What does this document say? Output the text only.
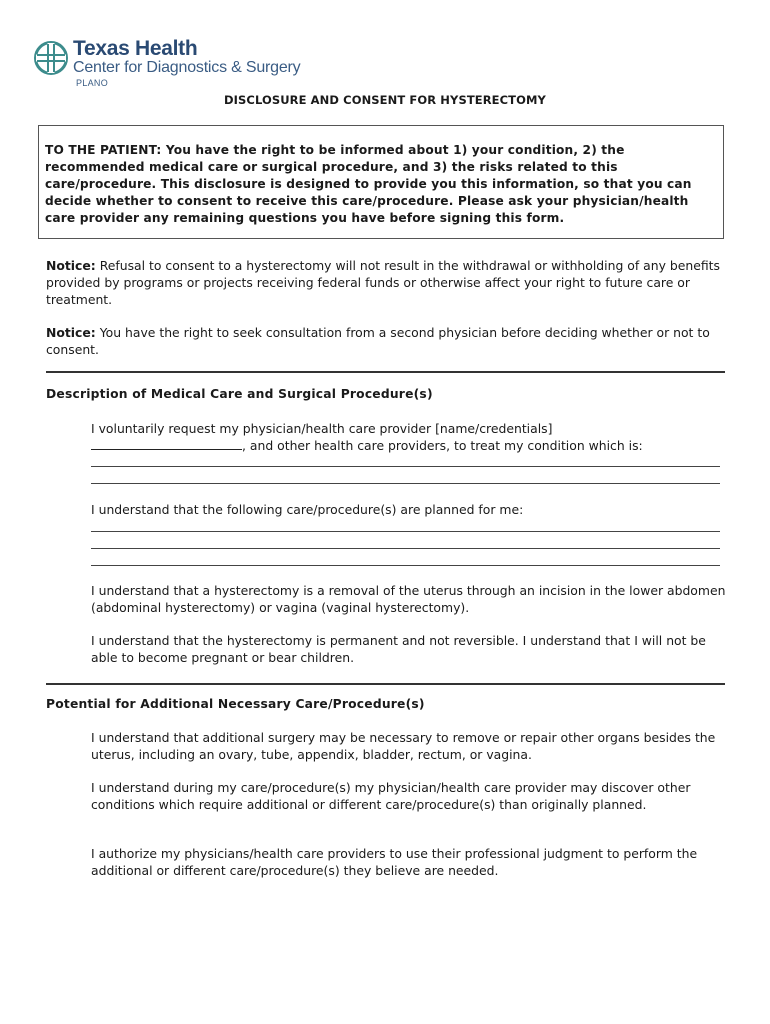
Texas Health
Center for Diagnostics & Surgery
PLANO
DISCLOSURE AND CONSENT FOR HYSTERECTOMY

TO THE PATIENT: You have the right to be informed about 1) your condition, 2) the recommended medical care or surgical procedure, and 3) the risks related to this care/procedure. This disclosure is designed to provide you this information, so that you can decide whether to consent to receive this care/procedure. Please ask your physician/health care provider any remaining questions you have before signing this form.

Notice: Refusal to consent to a hysterectomy will not result in the withdrawal or withholding of any benefits provided by programs or projects receiving federal funds or otherwise affect your right to future care or treatment.

Notice: You have the right to seek consultation from a second physician before deciding whether or not to consent.

Description of Medical Care and Surgical Procedure(s)

I voluntarily request my physician/health care provider [name/credentials]
, and other health care providers, to treat my condition which is:

I understand that the following care/procedure(s) are planned for me:

I understand that a hysterectomy is a removal of the uterus through an incision in the lower abdomen (abdominal hysterectomy) or vagina (vaginal hysterectomy).

I understand that the hysterectomy is permanent and not reversible. I understand that I will not be able to become pregnant or bear children.

Potential for Additional Necessary Care/Procedure(s)

I understand that additional surgery may be necessary to remove or repair other organs besides the uterus, including an ovary, tube, appendix, bladder, rectum, or vagina.

I understand during my care/procedure(s) my physician/health care provider may discover other conditions which require additional or different care/procedure(s) than originally planned.

I authorize my physicians/health care providers to use their professional judgment to perform the additional or different care/procedure(s) they believe are needed.
